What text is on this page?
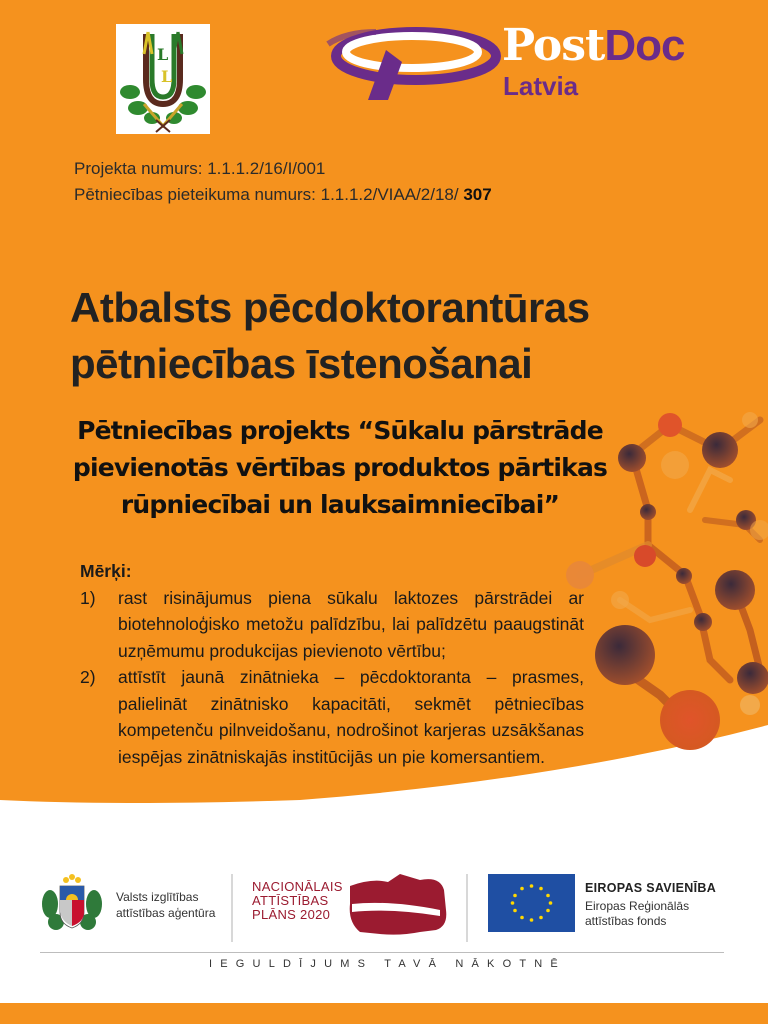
L
L
PostDoc
Latvia
Projekta numurs: 1.1.1.2/16/I/001
Pētniecības pieteikuma numurs: 1.1.1.2/VIAA/2/18/ 307
Atbalsts pēcdoktorantūras
pētniecības īstenošanai
Pētniecības projekts “Sūkalu pārstrāde
pievienotās vērtības produktos pārtikas
rūpniecībai un lauksaimniecībai”
Mērķi:
1)	rast risinājumus piena sūkalu laktozes pārstrādei ar biotehnoloģisko metožu palīdzību, lai palīdzētu paaugstināt uzņēmumu produkcijas pievienoto vērtību;
2)	attīstīt jaunā zinātnieka – pēcdoktoranta – prasmes, palielināt zinātnisko kapacitāti, sekmēt pētniecības kompetenču pilnveidošanu, nodrošinot karjeras uzsākšanas iespējas zinātniskajās institūcijās un pie komersantiem.
Valsts izglītības
attīstības aģentūra
NACIONĀLAIS
ATTĪSTĪBAS
PLĀNS 2020
EIROPAS SAVIENĪBA
Eiropas Reģionālās
attīstības fonds
IEGULDĪJUMS TAVĀ NĀKOTNĒ
